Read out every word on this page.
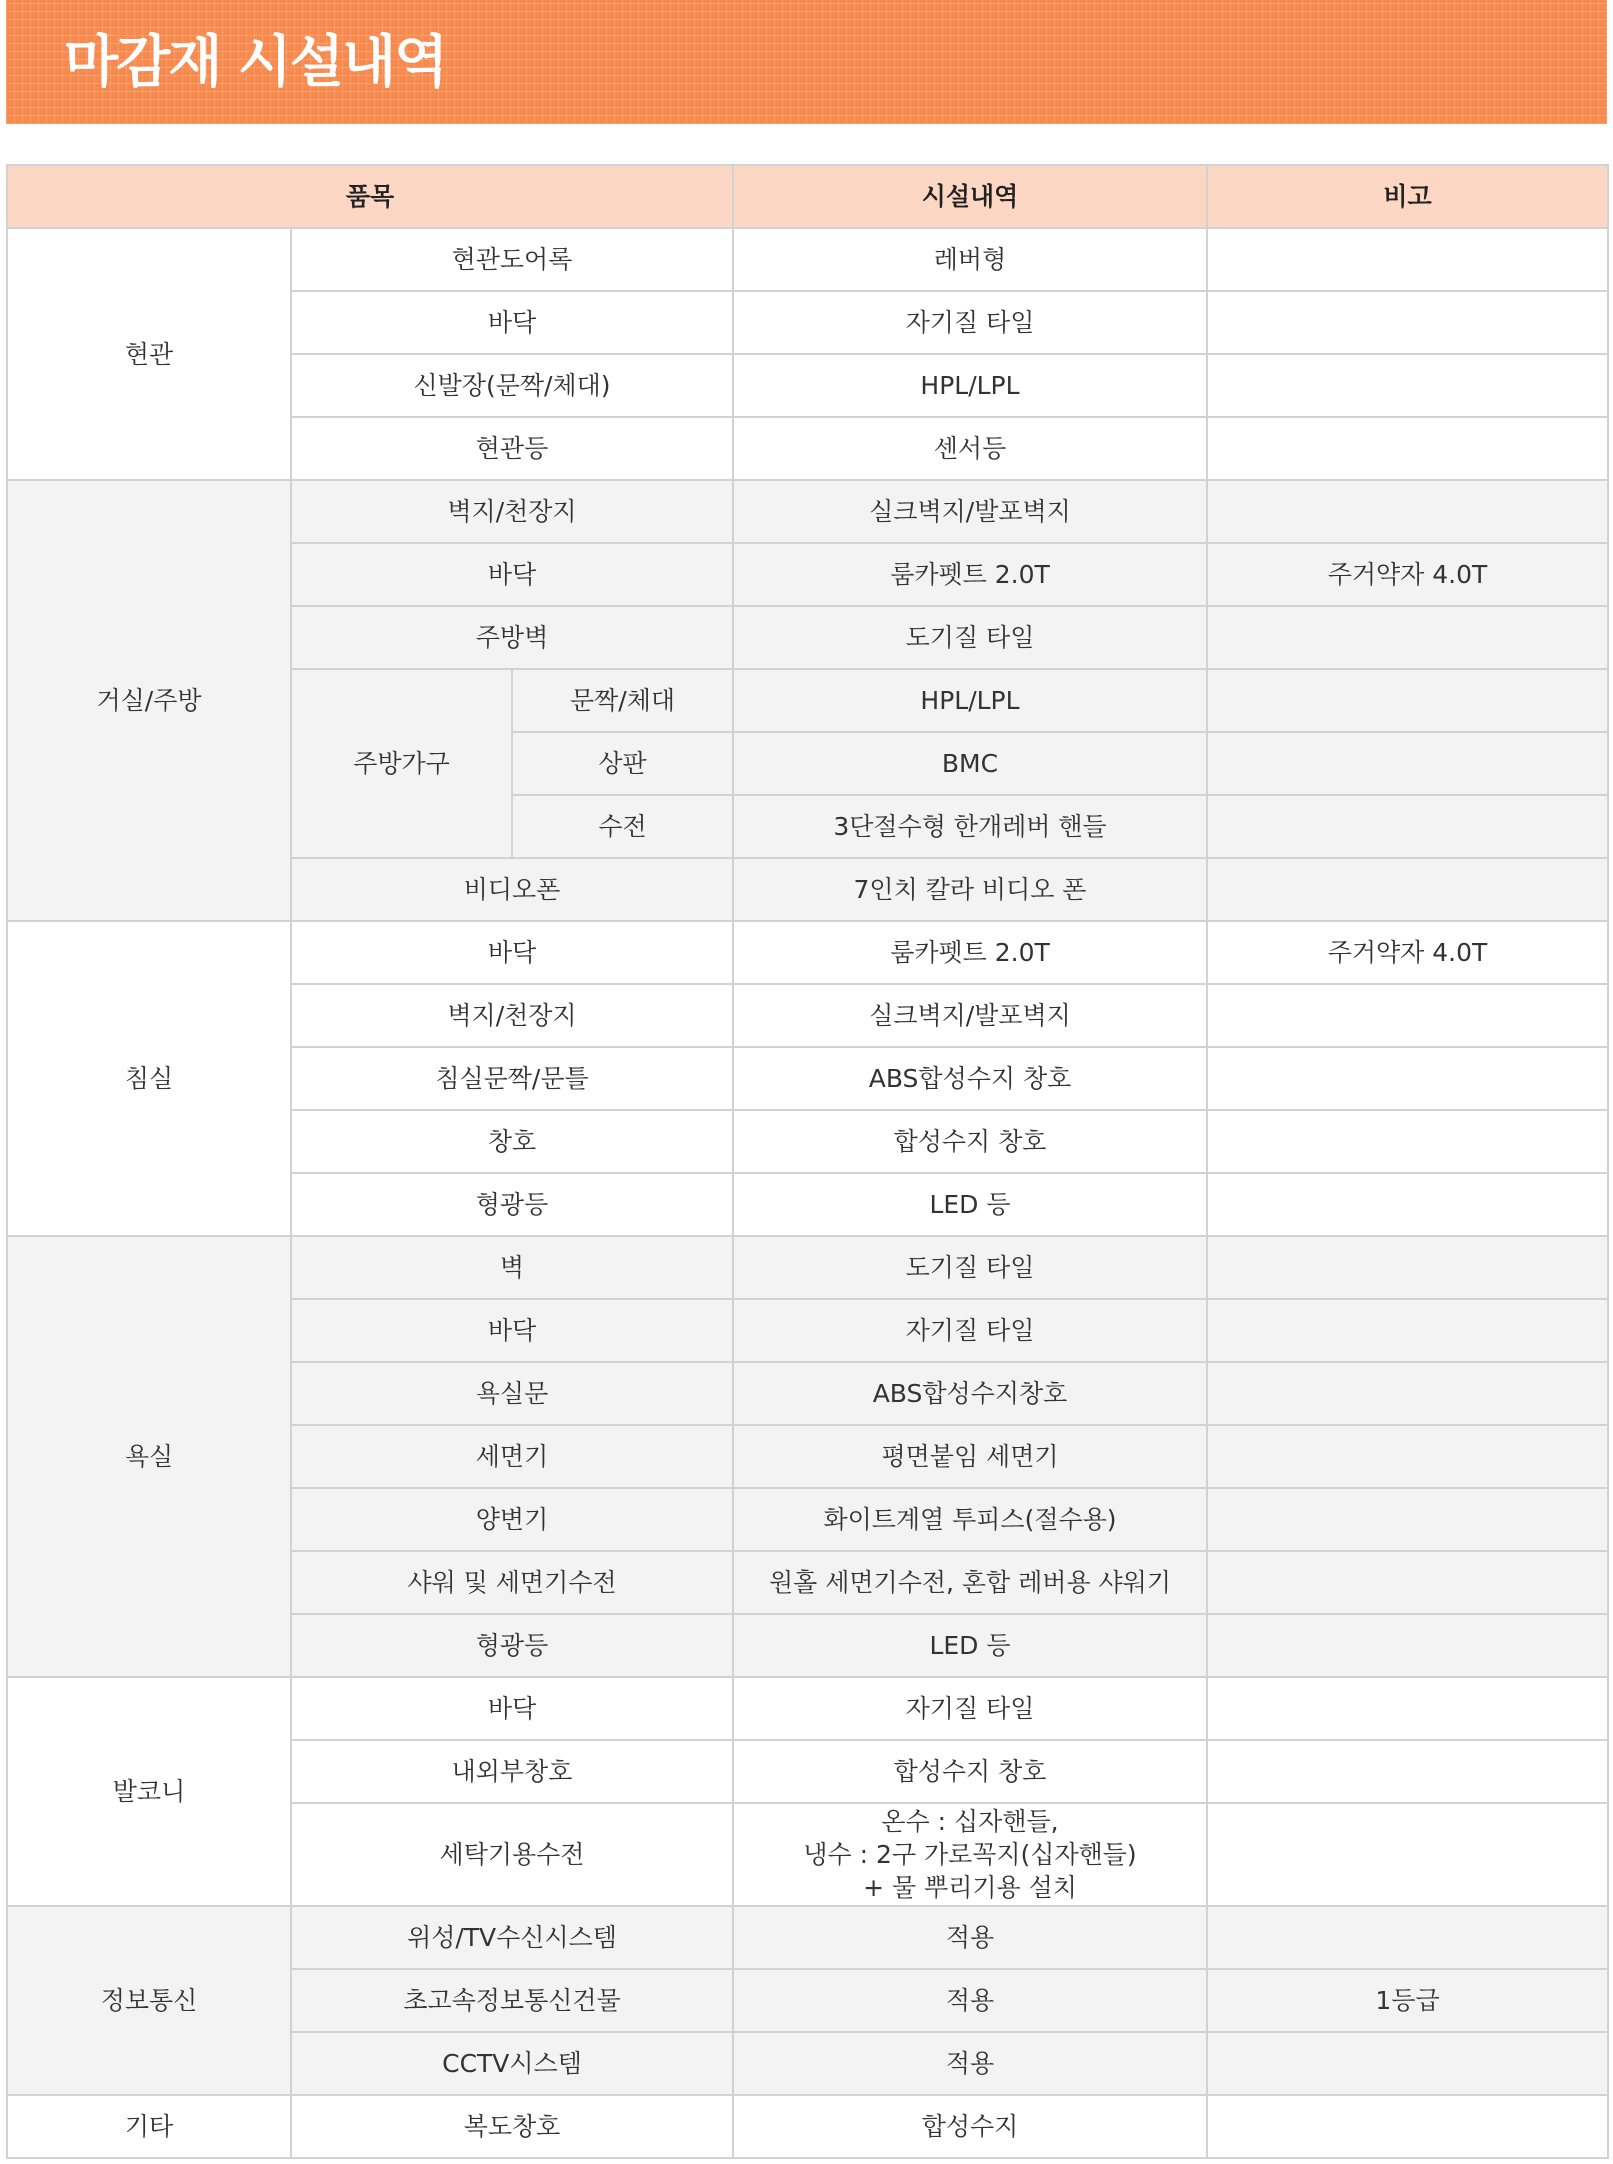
마감재 시설내역
품목			시설내역	비고
현관	현관도어록		레버형	
	바닥		자기질 타일	
	신발장(문짝/체대)		HPL/LPL	
	현관등		센서등	
거실/주방	벽지/천장지		실크벽지/발포벽지	
	바닥		룸카펫트 2.0T	주거약자 4.0T
	주방벽		도기질 타일	
	주방가구	문짝/체대	HPL/LPL	
		상판	BMC	
		수전	3단절수형 한개레버 핸들	
	비디오폰		7인치 칼라 비디오 폰	
침실	바닥		룸카펫트 2.0T	주거약자 4.0T
	벽지/천장지		실크벽지/발포벽지	
	침실문짝/문틀		ABS합성수지 창호	
	창호		합성수지 창호	
	형광등		LED 등	
욕실	벽		도기질 타일	
	바닥		자기질 타일	
	욕실문		ABS합성수지창호	
	세면기		평면붙임 세면기	
	양변기		화이트계열 투피스(절수용)	
	샤워 및 세면기수전		원홀 세면기수전, 혼합 레버용 샤워기	
	형광등		LED 등	
발코니	바닥		자기질 타일	
	내외부창호		합성수지 창호	
	세탁기용수전		온수 : 십자핸들,
냉수 : 2구 가로꼭지(십자핸들)
+ 물 뿌리기용 설치	
정보통신	위성/TV수신시스템		적용	
	초고속정보통신건물		적용	1등급
	CCTV시스템		적용	
기타	복도창호		합성수지	
